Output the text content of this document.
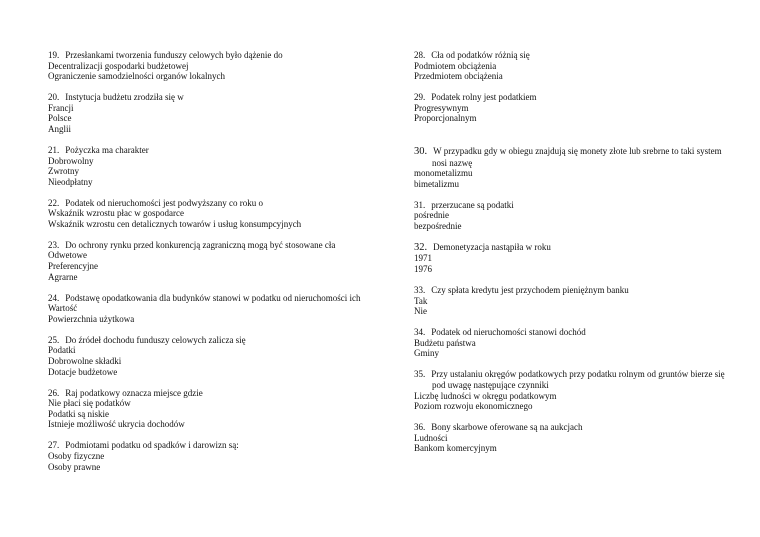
19. Przesłankami tworzenia funduszy celowych było dążenie do
Decentralizacji gospodarki budżetowej
Ograniczenie samodzielności organów lokalnych
20. Instytucja budżetu zrodziła się w
Francji
Polsce
Anglii
21. Pożyczka ma charakter
Dobrowolny
Zwrotny
Nieodpłatny
22. Podatek od nieruchomości jest podwyższany co roku o
Wskaźnik wzrostu płac w gospodarce
Wskaźnik wzrostu cen detalicznych towarów i usług konsumpcyjnych
23. Do ochrony rynku przed konkurencją zagraniczną mogą być stosowane cła
Odwetowe
Preferencyjne
Agrarne
24. Podstawę opodatkowania dla budynków stanowi w podatku od nieruchomości ich
Wartość
Powierzchnia użytkowa
25. Do źródeł dochodu funduszy celowych zalicza się
Podatki
Dobrowolne składki
Dotacje budżetowe
26. Raj podatkowy oznacza miejsce gdzie
Nie płaci się podatków
Podatki są niskie
Istnieje możliwość ukrycia dochodów
27. Podmiotami podatku od spadków i darowizn są:
Osoby fizyczne
Osoby prawne
28. Cła od podatków różnią się
Podmiotem obciążenia
Przedmiotem obciążenia
29. Podatek rolny jest podatkiem
Progresywnym
Proporcjonalnym
30. W przypadku gdy w obiegu znajdują się monety złote lub srebrne to taki system
nosi nazwę
monometalizmu
bimetalizmu
31. przerzucane są podatki
pośrednie
bezpośrednie
32. Demonetyzacja nastąpiła w roku
1971
1976
33. Czy spłata kredytu jest przychodem pieniężnym banku
Tak
Nie
34. Podatek od nieruchomości stanowi dochód
Budżetu państwa
Gminy
35. Przy ustalaniu okręgów podatkowych przy podatku rolnym od gruntów bierze się
pod uwagę następujące czynniki
Liczbę ludności w okręgu podatkowym
Poziom rozwoju ekonomicznego
36. Bony skarbowe oferowane są na aukcjach
Ludności
Bankom komercyjnym
